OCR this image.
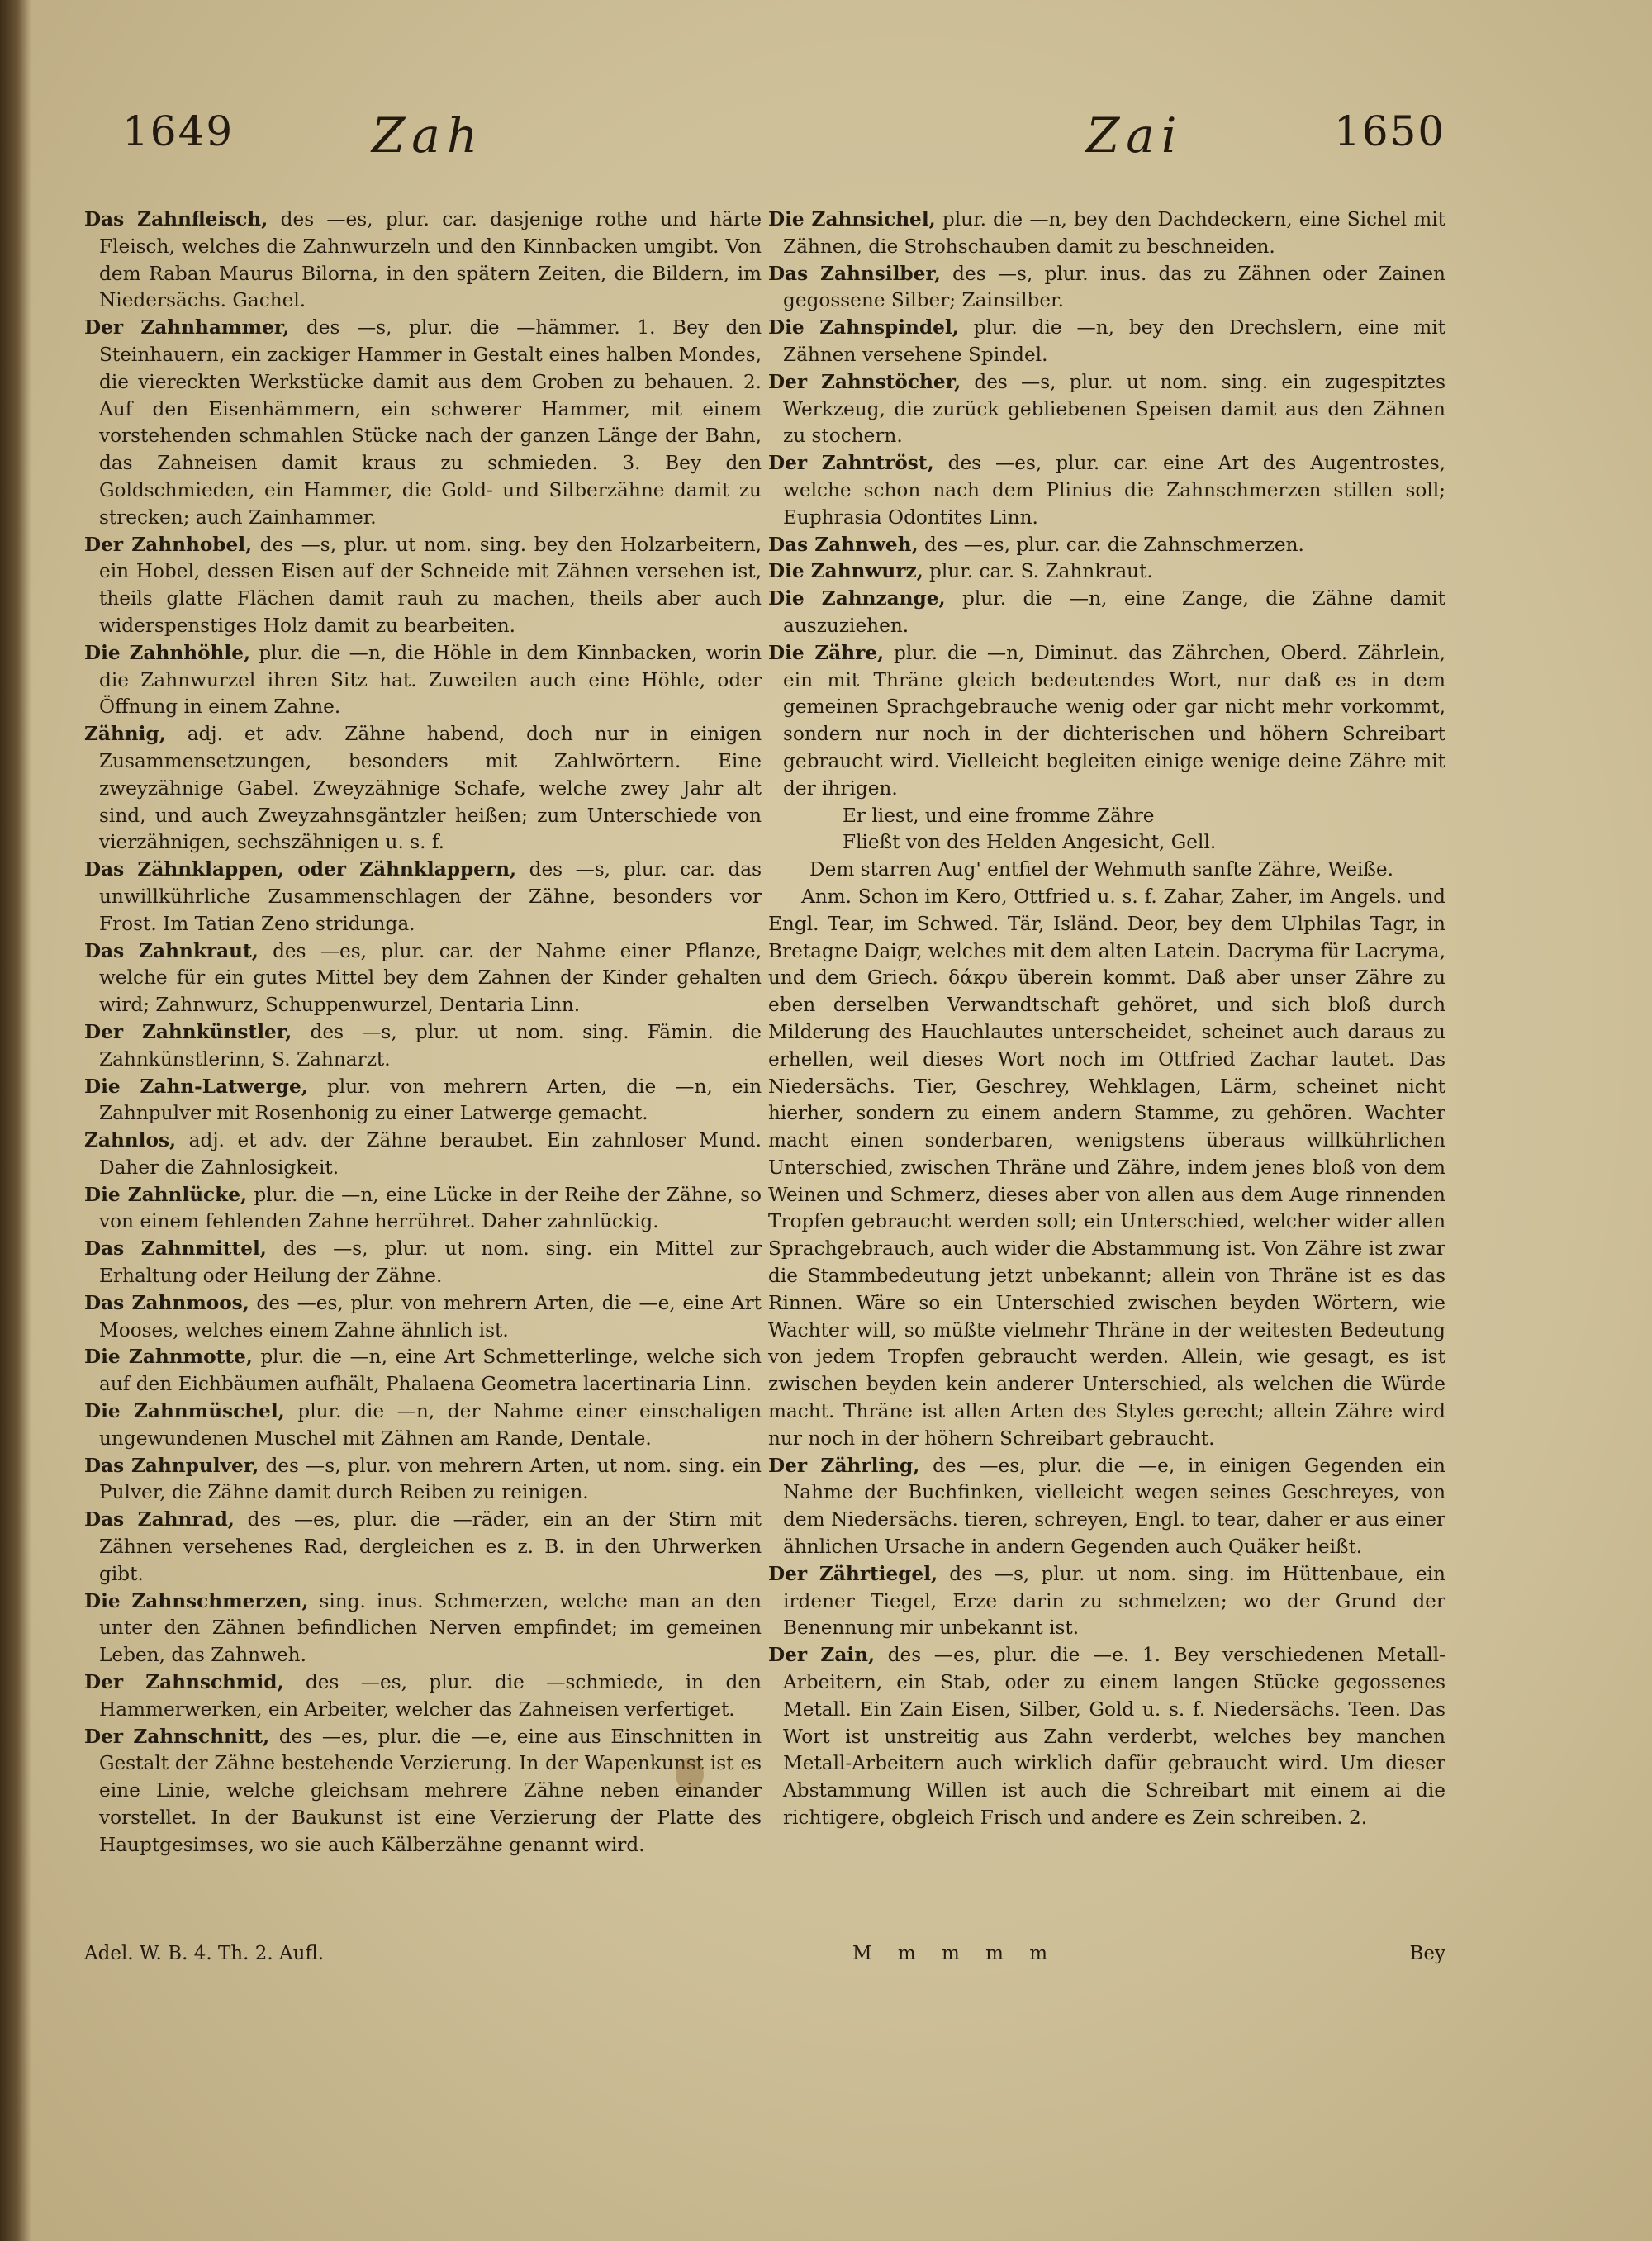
1649	Zah	Zai	1650

Das Zahnfleisch, des —es, plur. car. dasjenige rothe und härte Fleisch, welches die Zahnwurzeln und den Kinnbacken umgibt. Von dem Raban Maurus Bilorna, in den spätern Zeiten, die Bildern, im Niedersächs. Gachel.

Der Zahnhammer, des —s, plur. die —hämmer. 1. Bey den Steinhauern, ein zackiger Hammer in Gestalt eines halben Mondes, die viereckten Werkstücke damit aus dem Groben zu behauen. 2. Auf den Eisenhämmern, ein schwerer Hammer, mit einem vorstehenden schmahlen Stücke nach der ganzen Länge der Bahn, das Zahneisen damit kraus zu schmieden. 3. Bey den Goldschmieden, ein Hammer, die Gold- und Silberzähne damit zu strecken; auch Zainhammer.

Der Zahnhobel, des —s, plur. ut nom. sing. bey den Holzarbeitern, ein Hobel, dessen Eisen auf der Schneide mit Zähnen versehen ist, theils glatte Flächen damit rauh zu machen, theils aber auch widerspenstiges Holz damit zu bearbeiten.

Die Zahnhöhle, plur. die —n, die Höhle in dem Kinnbacken, worin die Zahnwurzel ihren Sitz hat. Zuweilen auch eine Höhle, oder Öffnung in einem Zahne.

Zähnig, adj. et adv. Zähne habend, doch nur in einigen Zusammensetzungen, besonders mit Zahlwörtern. Eine zweyzähnige Gabel. Zweyzähnige Schafe, welche zwey Jahr alt sind, und auch Zweyzahnsgäntzler heißen; zum Unterschiede von vierzähnigen, sechszähnigen u. s. f.

Das Zähnklappen, oder Zähnklappern, des —s, plur. car. das unwillkührliche Zusammenschlagen der Zähne, besonders vor Frost. Im Tatian Zeno stridunga.

Das Zahnkraut, des —es, plur. car. der Nahme einer Pflanze, welche für ein gutes Mittel bey dem Zahnen der Kinder gehalten wird; Zahnwurz, Schuppenwurzel, Dentaria Linn.

Der Zahnkünstler, des —s, plur. ut nom. sing. Fämin. die Zahnkünstlerinn, S. Zahnarzt.

Die Zahn-Latwerge, plur. von mehrern Arten, die —n, ein Zahnpulver mit Rosenhonig zu einer Latwerge gemacht.

Zahnlos, adj. et adv. der Zähne beraubet. Ein zahnloser Mund. Daher die Zahnlosigkeit.

Die Zahnlücke, plur. die —n, eine Lücke in der Reihe der Zähne, so von einem fehlenden Zahne herrühret. Daher zahnlückig.

Das Zahnmittel, des —s, plur. ut nom. sing. ein Mittel zur Erhaltung oder Heilung der Zähne.

Das Zahnmoos, des —es, plur. von mehrern Arten, die —e, eine Art Mooses, welches einem Zahne ähnlich ist.

Die Zahnmotte, plur. die —n, eine Art Schmetterlinge, welche sich auf den Eichbäumen aufhält, Phalaena Geometra lacertinaria Linn.

Die Zahnmüschel, plur. die —n, der Nahme einer einschaligen ungewundenen Muschel mit Zähnen am Rande, Dentale.

Das Zahnpulver, des —s, plur. von mehrern Arten, ut nom. sing. ein Pulver, die Zähne damit durch Reiben zu reinigen.

Das Zahnrad, des —es, plur. die —räder, ein an der Stirn mit Zähnen versehenes Rad, dergleichen es z. B. in den Uhrwerken gibt.

Die Zahnschmerzen, sing. inus. Schmerzen, welche man an den unter den Zähnen befindlichen Nerven empfindet; im gemeinen Leben, das Zahnweh.

Der Zahnschmid, des —es, plur. die —schmiede, in den Hammerwerken, ein Arbeiter, welcher das Zahneisen verfertiget.

Der Zahnschnitt, des —es, plur. die —e, eine aus Einschnitten in Gestalt der Zähne bestehende Verzierung. In der Wapenkunst ist es eine Linie, welche gleichsam mehrere Zähne neben einander vorstellet. In der Baukunst ist eine Verzierung der Platte des Hauptgesimses, wo sie auch Kälberzähne genannt wird.

Die Zahnsichel, plur. die —n, bey den Dachdeckern, eine Sichel mit Zähnen, die Strohschauben damit zu beschneiden.

Das Zahnsilber, des —s, plur. inus. das zu Zähnen oder Zainen gegossene Silber; Zainsilber.

Die Zahnspindel, plur. die —n, bey den Drechslern, eine mit Zähnen versehene Spindel.

Der Zahnstöcher, des —s, plur. ut nom. sing. ein zugespitztes Werkzeug, die zurück gebliebenen Speisen damit aus den Zähnen zu stochern.

Der Zahntröst, des —es, plur. car. eine Art des Augentrostes, welche schon nach dem Plinius die Zahnschmerzen stillen soll; Euphrasia Odontites Linn.

Das Zahnweh, des —es, plur. car. die Zahnschmerzen.

Die Zahnwurz, plur. car. S. Zahnkraut.

Die Zahnzange, plur. die —n, eine Zange, die Zähne damit auszuziehen.

Die Zähre, plur. die —n, Diminut. das Zährchen, Oberd. Zährlein, ein mit Thräne gleich bedeutendes Wort, nur daß es in dem gemeinen Sprachgebrauche wenig oder gar nicht mehr vorkommt, sondern nur noch in der dichterischen und höhern Schreibart gebraucht wird. Vielleicht begleiten einige wenige deine Zähre mit der ihrigen.

Er liest, und eine fromme Zähre

Fließt von des Helden Angesicht, Gell.

Dem starren Aug' entfiel der Wehmuth sanfte Zähre, Weiße.

Anm. Schon im Kero, Ottfried u. s. f. Zahar, Zaher, im Angels. und Engl. Tear, im Schwed. Tär, Isländ. Deor, bey dem Ulphilas Tagr, in Bretagne Daigr, welches mit dem alten Latein. Dacryma für Lacryma, und dem Griech. δάκρυ überein kommt. Daß aber unser Zähre zu eben derselben Verwandtschaft gehöret, und sich bloß durch Milderung des Hauchlautes unterscheidet, scheinet auch daraus zu erhellen, weil dieses Wort noch im Ottfried Zachar lautet. Das Niedersächs. Tier, Geschrey, Wehklagen, Lärm, scheinet nicht hierher, sondern zu einem andern Stamme, zu gehören. Wachter macht einen sonderbaren, wenigstens überaus willkührlichen Unterschied, zwischen Thräne und Zähre, indem jenes bloß von dem Weinen und Schmerz, dieses aber von allen aus dem Auge rinnenden Tropfen gebraucht werden soll; ein Unterschied, welcher wider allen Sprachgebrauch, auch wider die Abstammung ist. Von Zähre ist zwar die Stammbedeutung jetzt unbekannt; allein von Thräne ist es das Rinnen. Wäre so ein Unterschied zwischen beyden Wörtern, wie Wachter will, so müßte vielmehr Thräne in der weitesten Bedeutung von jedem Tropfen gebraucht werden. Allein, wie gesagt, es ist zwischen beyden kein anderer Unterschied, als welchen die Würde macht. Thräne ist allen Arten des Styles gerecht; allein Zähre wird nur noch in der höhern Schreibart gebraucht.

Der Zährling, des —es, plur. die —e, in einigen Gegenden ein Nahme der Buchfinken, vielleicht wegen seines Geschreyes, von dem Niedersächs. tieren, schreyen, Engl. to tear, daher er aus einer ähnlichen Ursache in andern Gegenden auch Quäker heißt.

Der Zährtiegel, des —s, plur. ut nom. sing. im Hüttenbaue, ein irdener Tiegel, Erze darin zu schmelzen; wo der Grund der Benennung mir unbekannt ist.

Der Zain, des —es, plur. die —e. 1. Bey verschiedenen Metall-Arbeitern, ein Stab, oder zu einem langen Stücke gegossenes Metall. Ein Zain Eisen, Silber, Gold u. s. f. Niedersächs. Teen. Das Wort ist unstreitig aus Zahn verderbt, welches bey manchen Metall-Arbeitern auch wirklich dafür gebraucht wird. Um dieser Abstammung Willen ist auch die Schreibart mit einem ai die richtigere, obgleich Frisch und andere es Zein schreiben. 2.

Adel. W. B. 4. Th. 2. Aufl.	M m m m m	Bey
